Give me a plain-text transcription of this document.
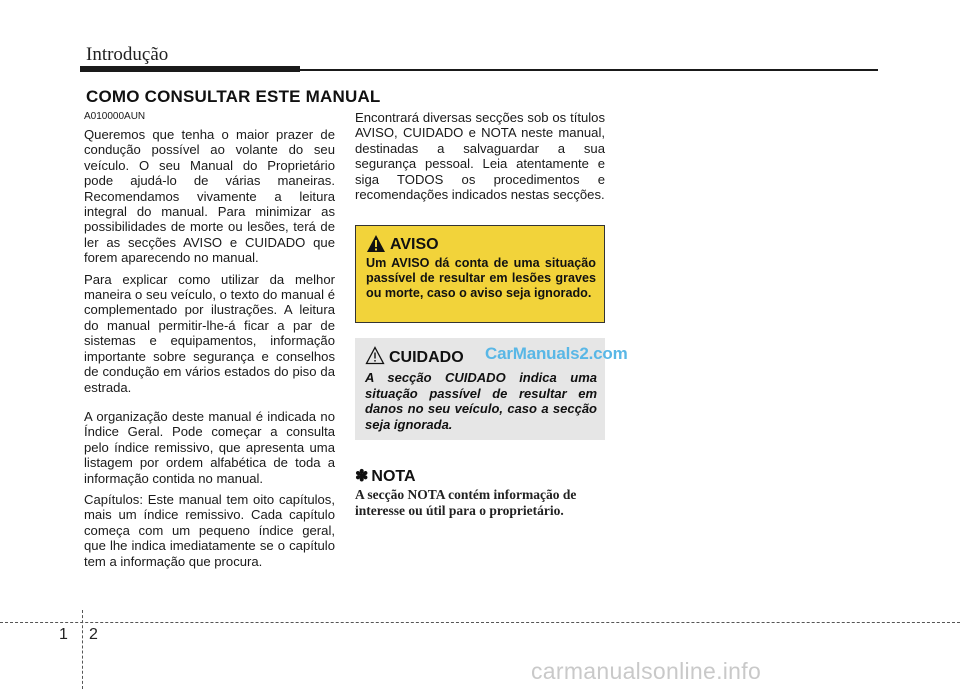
Introdução
COMO CONSULTAR ESTE MANUAL

A010000AUN

Queremos que tenha o maior prazer de condução possível ao volante do seu veículo. O seu Manual do Proprietário pode ajudá-lo de várias maneiras. Recomendamos vivamente a leitura integral do manual. Para minimizar as possibilidades de morte ou lesões, terá de ler as secções AVISO e CUIDADO que forem aparecendo no manual.

Para explicar como utilizar da melhor maneira o seu veículo, o texto do manual é complementado por ilustrações. A leitura do manual permitir-lhe-á ficar a par de sistemas e equipamentos, informação importante sobre segurança e conselhos de condução em vários estados do piso da estrada.

A organização deste manual é indicada no Índice Geral. Pode começar a consulta pelo índice remissivo, que apresenta uma listagem por ordem alfabética de toda a informação contida no manual.

Capítulos: Este manual tem oito capítulos, mais um índice remissivo. Cada capítulo começa com um pequeno índice geral, que lhe indica imediatamente se o capítulo tem a informação que procura.

Encontrará diversas secções sob os títulos AVISO, CUIDADO e NOTA neste manual, destinadas a salvaguardar a sua segurança pessoal. Leia atentamente e siga TODOS os procedimentos e recomendações indicados nestas secções.

AVISO
Um AVISO dá conta de uma situação passível de resultar em lesões graves ou morte, caso o aviso seja ignorado.
CUIDADO CarManuals2.com
A secção CUIDADO indica uma situação passível de resultar em danos no seu veículo, caso a secção seja ignorada.
✽ NOTA
A secção NOTA contém informação de interesse ou útil para o proprietário.
1 2
carmanualsonline.info
